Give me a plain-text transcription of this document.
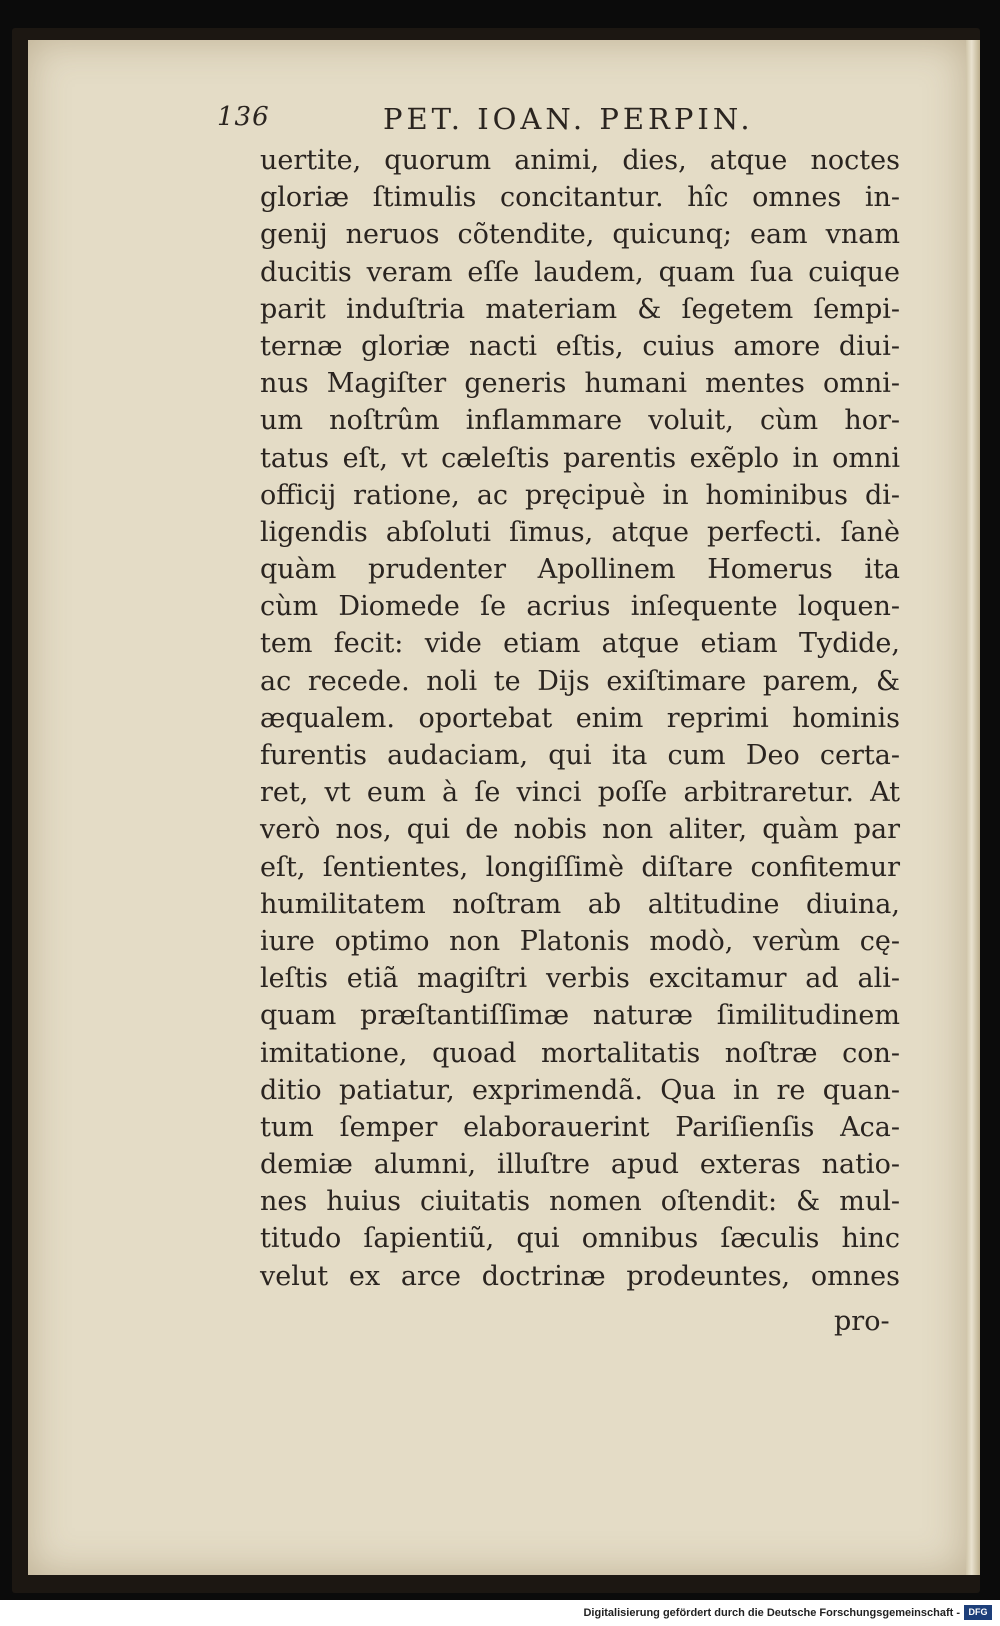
136	PET. IOAN. PERPIN.
uertite, quorum animi, dies, atque noctes
gloriæ ſtimulis concitantur. hîc omnes in-
genij neruos cõtendite, quicunq; eam vnam
ducitis veram eſſe laudem, quam ſua cuique
parit induſtria materiam & ſegetem ſempi-
ternæ gloriæ nacti eſtis, cuius amore diui-
nus Magiſter generis humani mentes omni-
um noſtrûm inflammare voluit, cùm hor-
tatus eſt, vt cæleſtis parentis exẽplo in omni
officij ratione, ac pręcipuè in hominibus di-
ligendis abſoluti ſimus, atque perfecti. ſanè
quàm prudenter Apollinem Homerus ita
cùm Diomede ſe acrius inſequente loquen-
tem fecit: vide etiam atque etiam Tydide,
ac recede. noli te Dijs exiſtimare parem, &
æqualem. oportebat enim reprimi hominis
furentis audaciam, qui ita cum Deo certa-
ret, vt eum à ſe vinci poſſe arbitraretur. At
verò nos, qui de nobis non aliter, quàm par
eſt, ſentientes, longiſſimè diſtare confitemur
humilitatem noſtram ab altitudine diuina,
iure optimo non Platonis modò, verùm cę-
leſtis etiã magiſtri verbis excitamur ad ali-
quam præſtantiſſimæ naturæ ſimilitudinem
imitatione, quoad mortalitatis noſtræ con-
ditio patiatur, exprimendã. Qua in re quan-
tum ſemper elaborauerint Pariſienſis Aca-
demiæ alumni, illuſtre apud exteras natio-
nes huius ciuitatis nomen oſtendit: & mul-
titudo ſapientiũ, qui omnibus ſæculis hinc
velut ex arce doctrinæ prodeuntes, omnes
pro-
Digitalisierung gefördert durch die Deutsche Forschungsgemeinschaft - DFG
